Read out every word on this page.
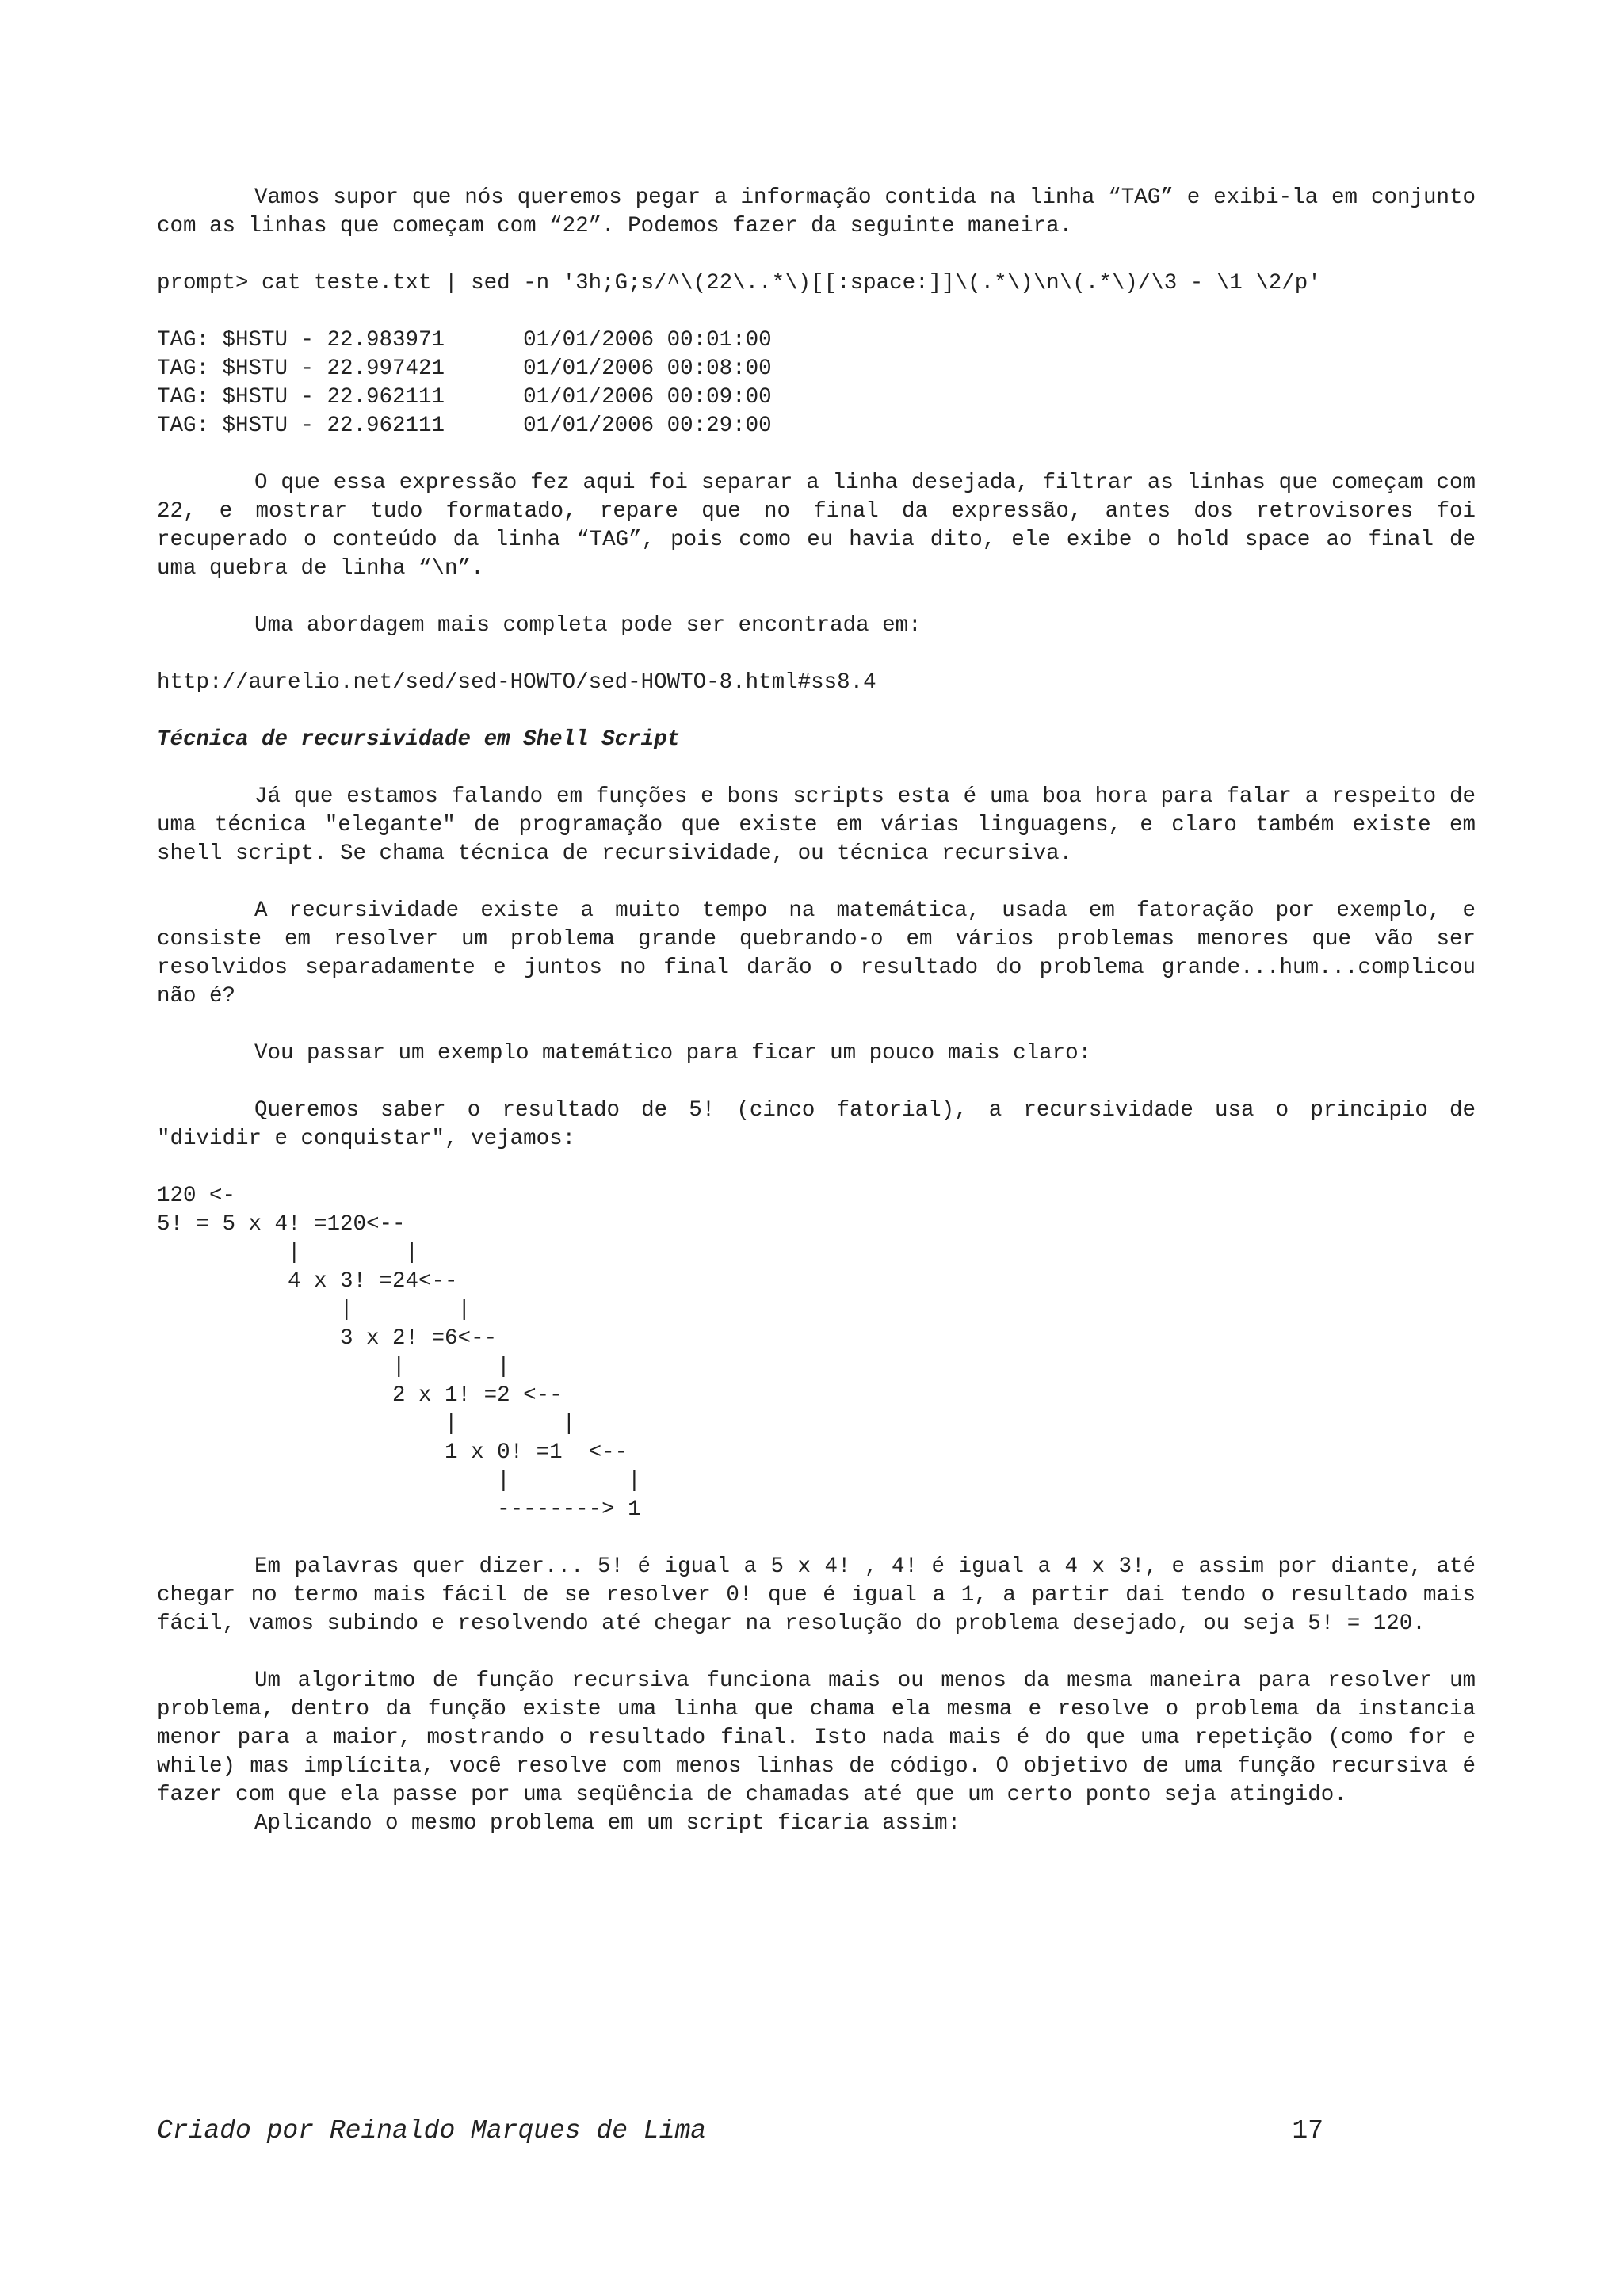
Vamos supor que nós queremos pegar a informação contida na linha “TAG” e exibi-la em conjunto com as linhas que começam com “22”. Podemos fazer da seguinte maneira.

prompt> cat teste.txt | sed -n '3h;G;s/^\(22\..*\)[[:space:]]\(.*\)\n\(.*\)/\3 - \1 \2/p'

TAG: $HSTU - 22.983971      01/01/2006 00:01:00

TAG: $HSTU - 22.997421      01/01/2006 00:08:00

TAG: $HSTU - 22.962111      01/01/2006 00:09:00

TAG: $HSTU - 22.962111      01/01/2006 00:29:00

O que essa expressão fez aqui foi separar a linha desejada, filtrar as linhas que começam com 22, e mostrar tudo formatado, repare que no final da expressão, antes dos retrovisores foi recuperado o conteúdo da linha “TAG”, pois como eu havia dito, ele exibe o hold space ao final de uma quebra de linha “\n”.

Uma abordagem mais completa pode ser encontrada em:

http://aurelio.net/sed/sed-HOWTO/sed-HOWTO-8.html#ss8.4

Técnica de recursividade em Shell Script

Já que estamos falando em funções e bons scripts esta é uma boa hora para falar a respeito de uma técnica "elegante" de programação que existe em várias linguagens, e claro também existe em shell script. Se chama técnica de recursividade, ou técnica recursiva.

A recursividade existe a muito tempo na matemática, usada em fatoração por exemplo, e consiste em resolver um problema grande quebrando-o em vários problemas menores que vão ser resolvidos separadamente e juntos no final darão o resultado do problema grande...hum...complicou não é?

Vou passar um exemplo matemático para ficar um pouco mais claro:

Queremos saber o resultado de 5! (cinco fatorial), a recursividade usa o principio de "dividir e conquistar", vejamos:

120 <-

5! = 5 x 4! =120<--

|        |

4 x 3! =24<--

|        |

3 x 2! =6<--

|       |

2 x 1! =2 <--

|        |

1 x 0! =1  <--

|         |

--------> 1

Em palavras quer dizer... 5! é igual a 5 x 4! , 4! é igual a 4 x 3!, e assim por diante, até chegar no termo mais fácil de se resolver 0! que é igual a 1, a partir dai tendo o resultado mais fácil, vamos subindo e resolvendo até chegar na resolução do problema desejado, ou seja 5! = 120.

Um algoritmo de função recursiva funciona mais ou menos da mesma maneira para resolver um problema, dentro da função existe uma linha que chama ela mesma e resolve o problema da instancia menor para a maior, mostrando o resultado final. Isto nada mais é do que uma repetição (como for e while) mas implícita, você resolve com menos linhas de código. O objetivo de uma função recursiva é fazer com que ela passe por uma seqüência de chamadas até que um certo ponto seja atingido.

Aplicando o mesmo problema em um script ficaria assim:

Criado por Reinaldo Marques de Lima	17
